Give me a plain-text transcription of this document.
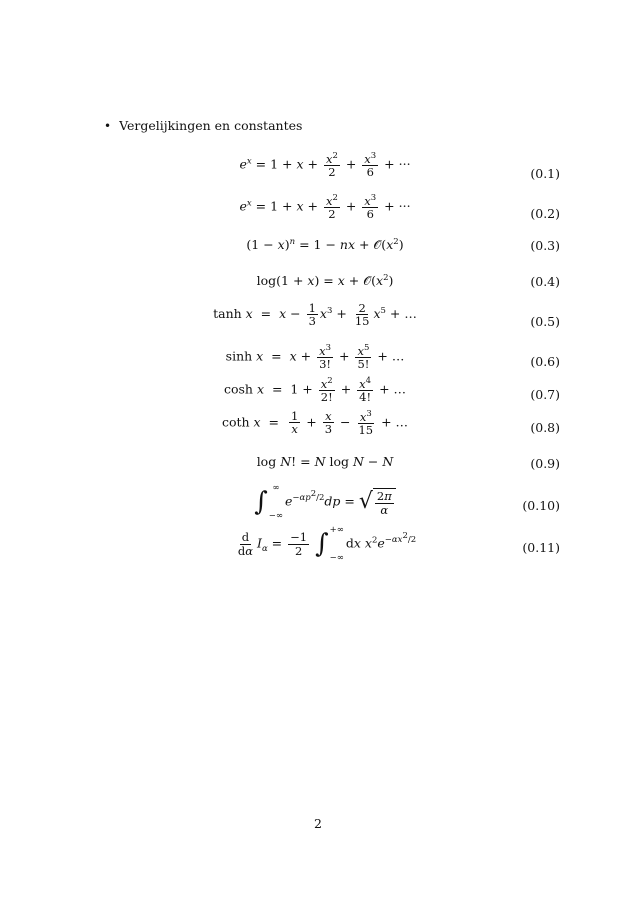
• Vergelijkingen en constantes
$e^x = 1 + x + \frac{x^2}{2} + \frac{x^3}{6}$ + ···
(0.1)
$e^x = 1 + x + \frac{x^2}{2} + \frac{x^3}{6}$ + ···
(0.2)
$(1 - x)^n = 1$ − nx + $𝒪(x^2)$	(0.3)
$\log(1 + x) = x + 𝒪(x^2)$	(0.4)
$\tanh x = x - \frac{1}{3} x^3 + \frac{2}{15} x^5$ + …
(0.5)
$\sinh x = x + \frac{x^3}{3!} + \frac{x^5}{5!}$ + …	(0.6)
$\cosh x = 1 + \frac{x^2}{2!} + \frac{x^4}{4!}$ + …	(0.7)
coth $x = \frac{1}{x} + \frac{x}{3} - \frac{x^3}{15}$ + …	(0.8)
log N! = N log N − N	(0.9)
∫ ∞
−∞
$e^{-\alpha p^2/2}dp$ = √ $\frac{2\pi}{\alpha}$	(0.10)
$\frac{d}{d\alpha} I_\alpha = \frac{-1}{2}$
∫ +∞
−∞
dx $x^2e^{-\alpha x^2/2}$	(0.11)
2
